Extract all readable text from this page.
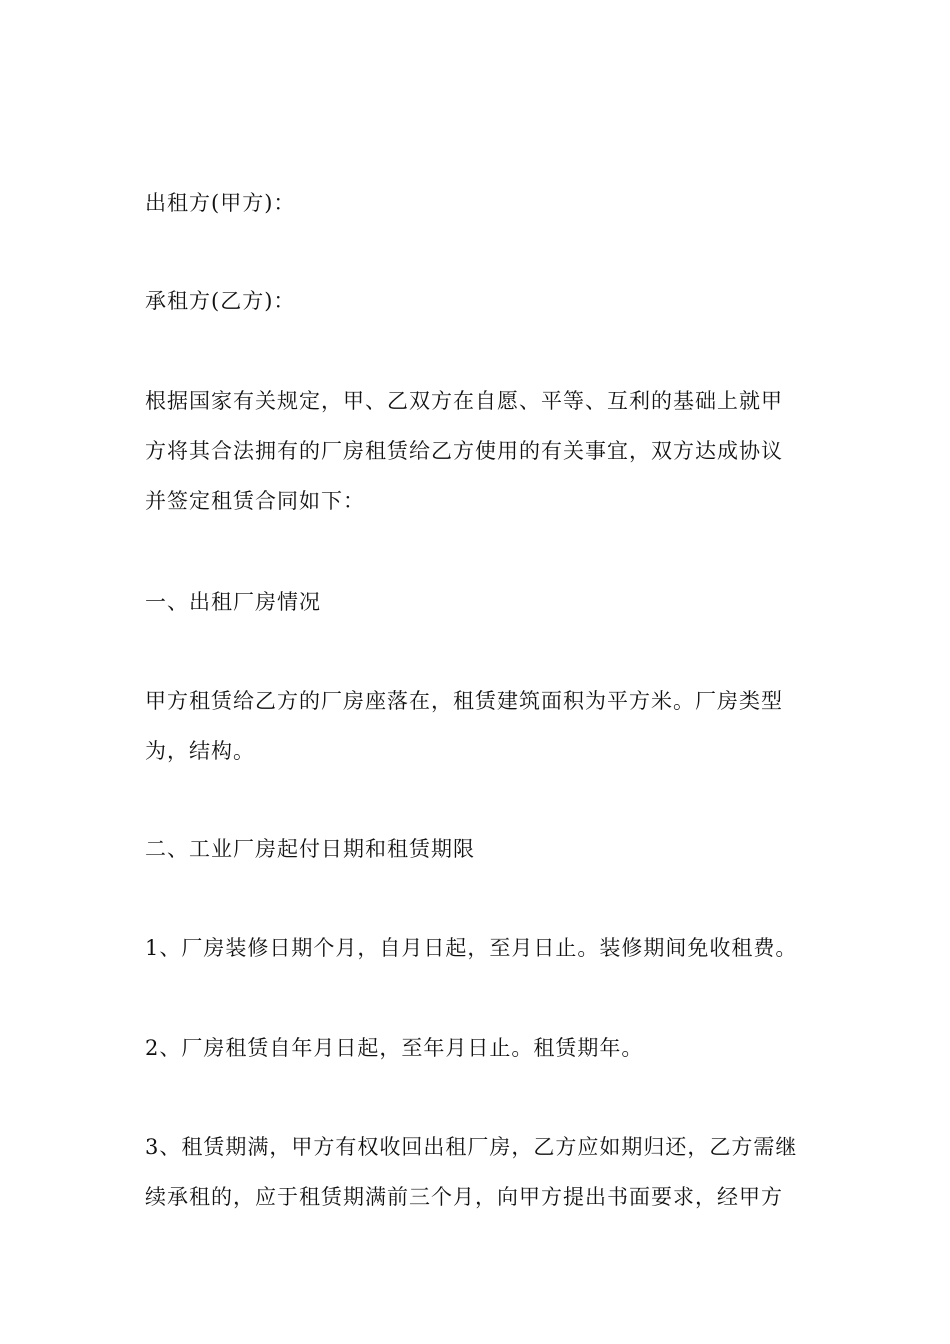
出租方(甲方)：

承租方(乙方)：

根据国家有关规定，甲、乙双方在自愿、平等、互利的基础上就甲

方将其合法拥有的厂房租赁给乙方使用的有关事宜，双方达成协议

并签定租赁合同如下：

一、出租厂房情况

甲方租赁给乙方的厂房座落在，租赁建筑面积为平方米。厂房类型

为，结构。

二、工业厂房起付日期和租赁期限

1、厂房装修日期个月，自月日起，至月日止。装修期间免收租费。

2、厂房租赁自年月日起，至年月日止。租赁期年。

3、租赁期满，甲方有权收回出租厂房，乙方应如期归还，乙方需继

续承租的，应于租赁期满前三个月，向甲方提出书面要求，经甲方
